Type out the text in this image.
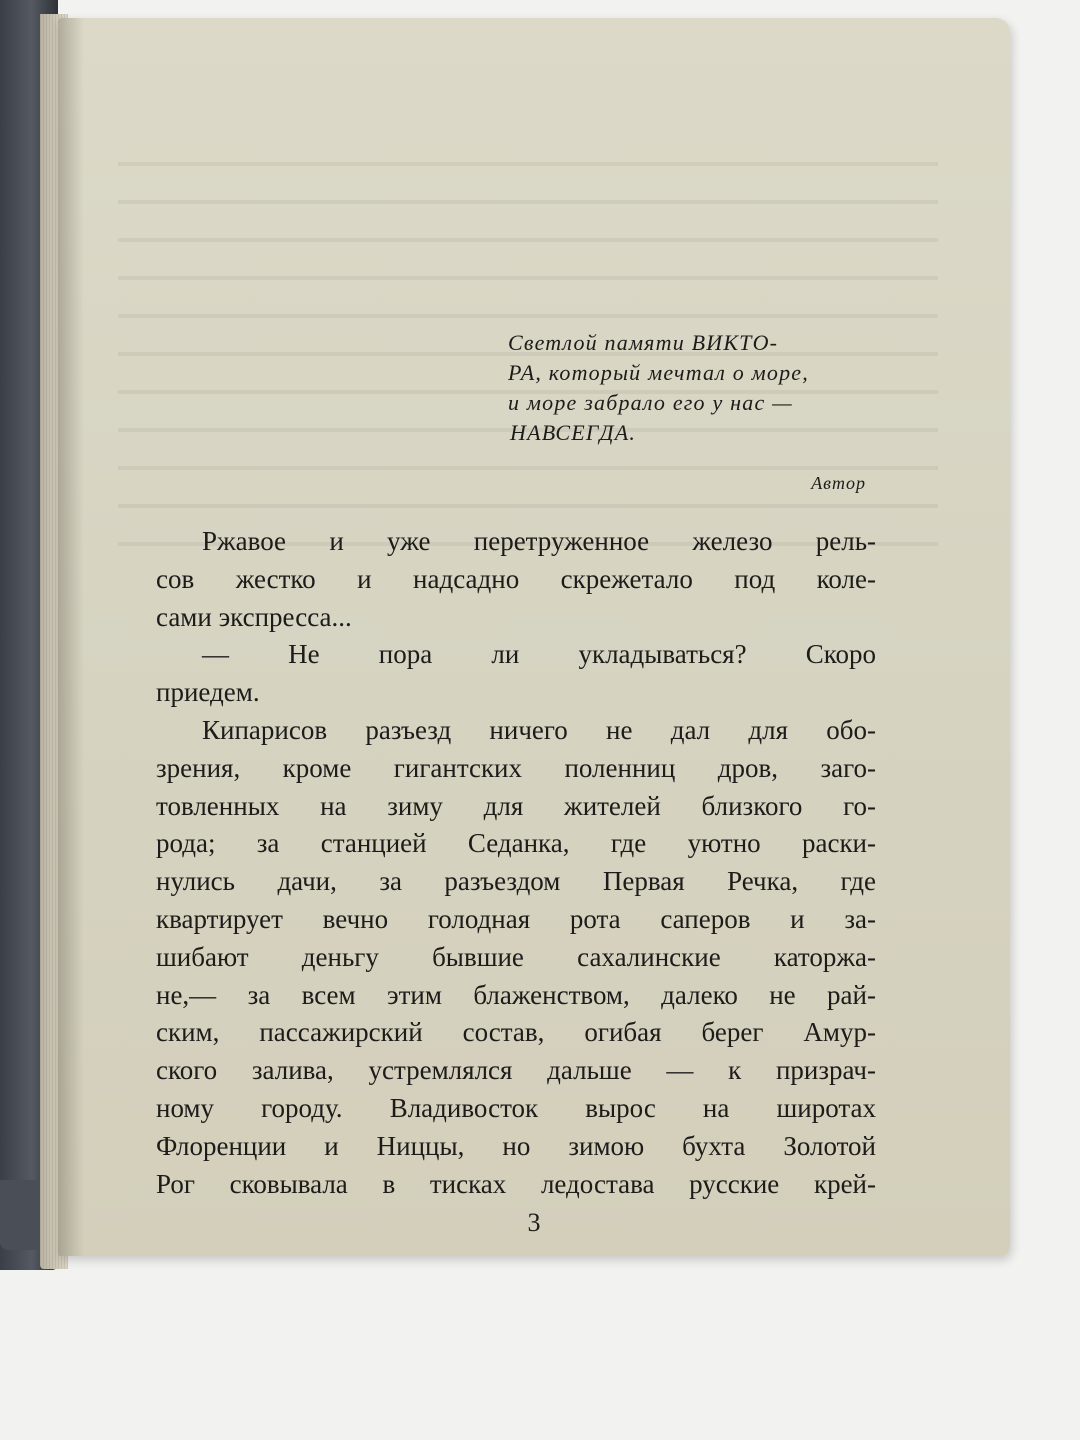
Светлой памяти ВИКТО-
РА, который мечтал о море,
и море забрало его у нас —
НАВСЕГДА.
Автор
Ржавое и уже перетруженное железо рель-
сов жестко и надсадно скрежетало под коле-
сами экспресса...
— Не пора ли укладываться? Скоро
приедем.
Кипарисов разъезд ничего не дал для обо-
зрения, кроме гигантских поленниц дров, заго-
товленных на зиму для жителей близкого го-
рода; за станцией Седанка, где уютно раски-
нулись дачи, за разъездом Первая Речка, где
квартирует вечно голодная рота саперов и за-
шибают деньгу бывшие сахалинские каторжа-
не,— за всем этим блаженством, далеко не рай-
ским, пассажирский состав, огибая берег Амур-
ского залива, устремлялся дальше — к призрач-
ному городу. Владивосток вырос на широтах
Флоренции и Ниццы, но зимою бухта Золотой
Рог сковывала в тисках ледостава русские крей-
3
